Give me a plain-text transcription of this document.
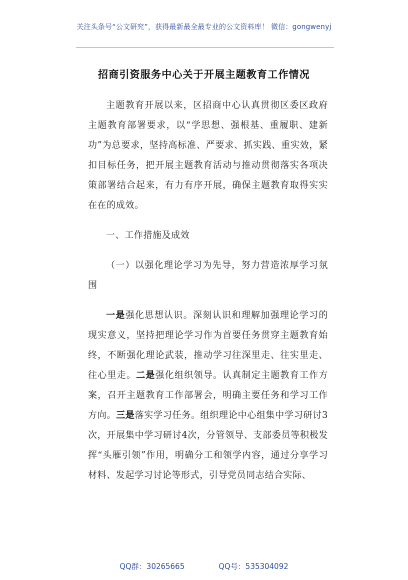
关注头条号“公文研究”，获得最新最全最专业的公文资料库！ 微信：gongwenyj
招商引资服务中心关于开展主题教育工作情况

主题教育开展以来，区招商中心认真贯彻区委区政府主题教育部署要求，以“学思想、强根基、重履职、建新功”为总要求，坚持高标准、严要求、抓实践、重实效，紧扣目标任务，把开展主题教育活动与推动贯彻落实各项决策部署结合起来，有力有序开展，确保主题教育取得实实在在的成效。

一、工作措施及成效

（一）以强化理论学习为先导，努力营造浓厚学习氛围

一是强化思想认识。深刻认识和理解加强理论学习的现实意义，坚持把理论学习作为首要任务贯穿主题教育始终，不断强化理论武装，推动学习往深里走、往实里走、往心里走。二是强化组织领导。认真制定主题教育工作方案，召开主题教育工作部署会，明确主要任务和学习工作方向。三是落实学习任务。组织理论中心组集中学习研讨3次，开展集中学习研讨4次，分管领导、支部委员等积极发挥“头雁引领”作用，明确分工和领学内容，通过分享学习材料、发起学习讨论等形式，引导党员同志结合实际、

QQ群：30265665	QQ号：535304092
